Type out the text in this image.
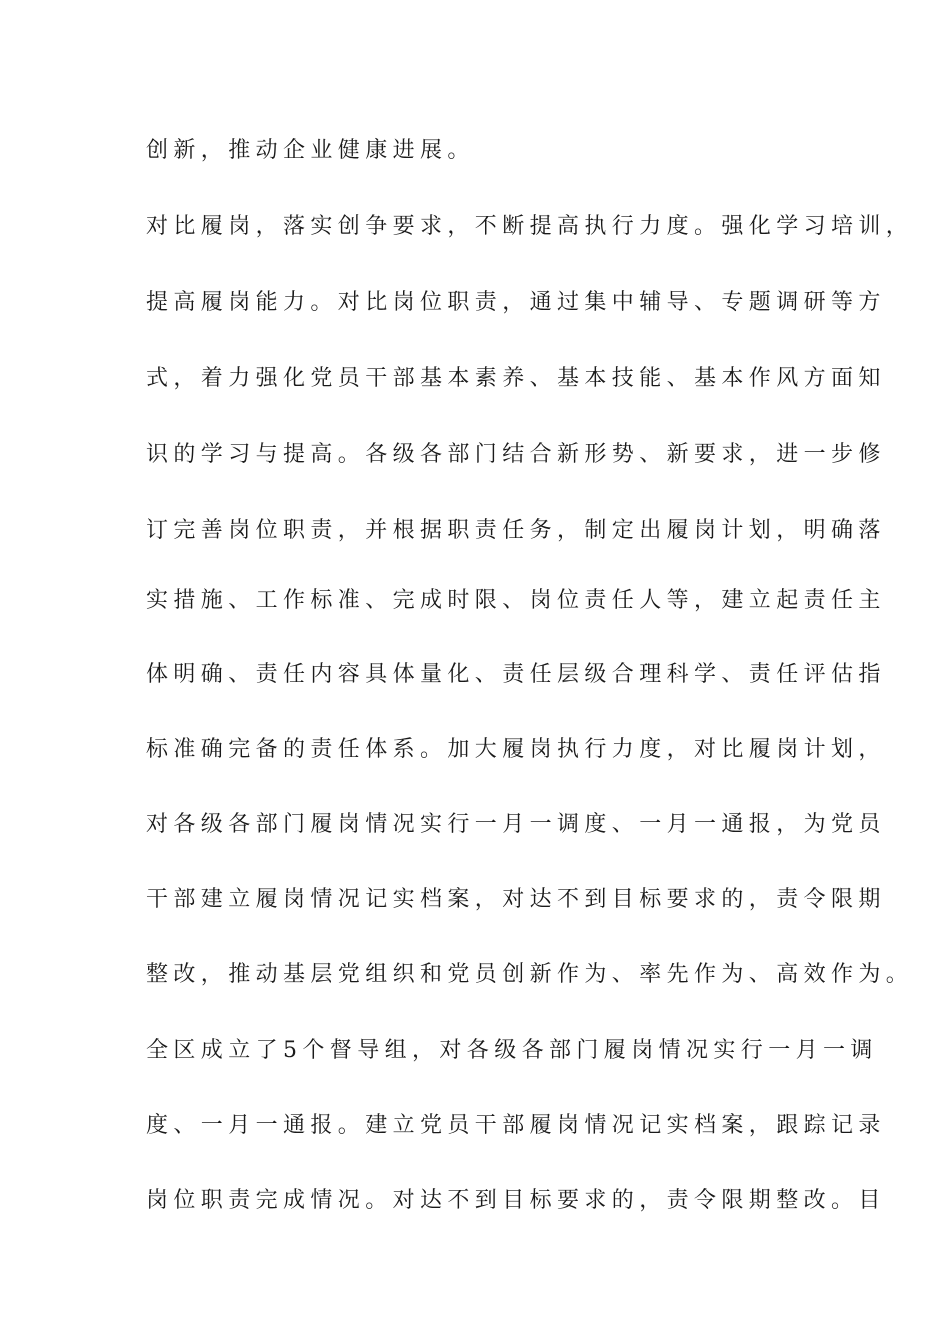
创新，推动企业健康进展。
对比履岗，落实创争要求，不断提高执行力度。强化学习培训，
提高履岗能力。对比岗位职责，通过集中辅导、专题调研等方
式，着力强化党员干部基本素养、基本技能、基本作风方面知
识的学习与提高。各级各部门结合新形势、新要求，进一步修
订完善岗位职责，并根据职责任务，制定出履岗计划，明确落
实措施、工作标准、完成时限、岗位责任人等，建立起责任主
体明确、责任内容具体量化、责任层级合理科学、责任评估指
标准确完备的责任体系。加大履岗执行力度，对比履岗计划，
对各级各部门履岗情况实行一月一调度、一月一通报，为党员
干部建立履岗情况记实档案，对达不到目标要求的，责令限期
整改，推动基层党组织和党员创新作为、率先作为、高效作为。
全区成立了5个督导组，对各级各部门履岗情况实行一月一调
度、一月一通报。建立党员干部履岗情况记实档案，跟踪记录
岗位职责完成情况。对达不到目标要求的，责令限期整改。目
